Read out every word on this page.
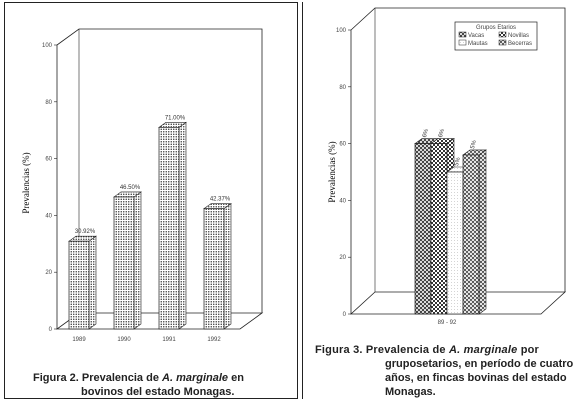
0
20
40
60
80
100
Prevalencias (%)
30.92%
1989
46.50%
1990
71.00%
1991
42.37%
1992
Figura 2. Prevalencia de A. marginale en
bovinos del estado Monagas.
0
20
40
60
80
100
Prevalencias (%)
6% 6%
5%
5%
89 - 92
Grupos Etarios
Vacas	Novillas
Mautas	Becerras
Figura 3. Prevalencia de A. marginale por
gruposetarios, en período de cuatro años, en fincas bovinas del estado Monagas.
